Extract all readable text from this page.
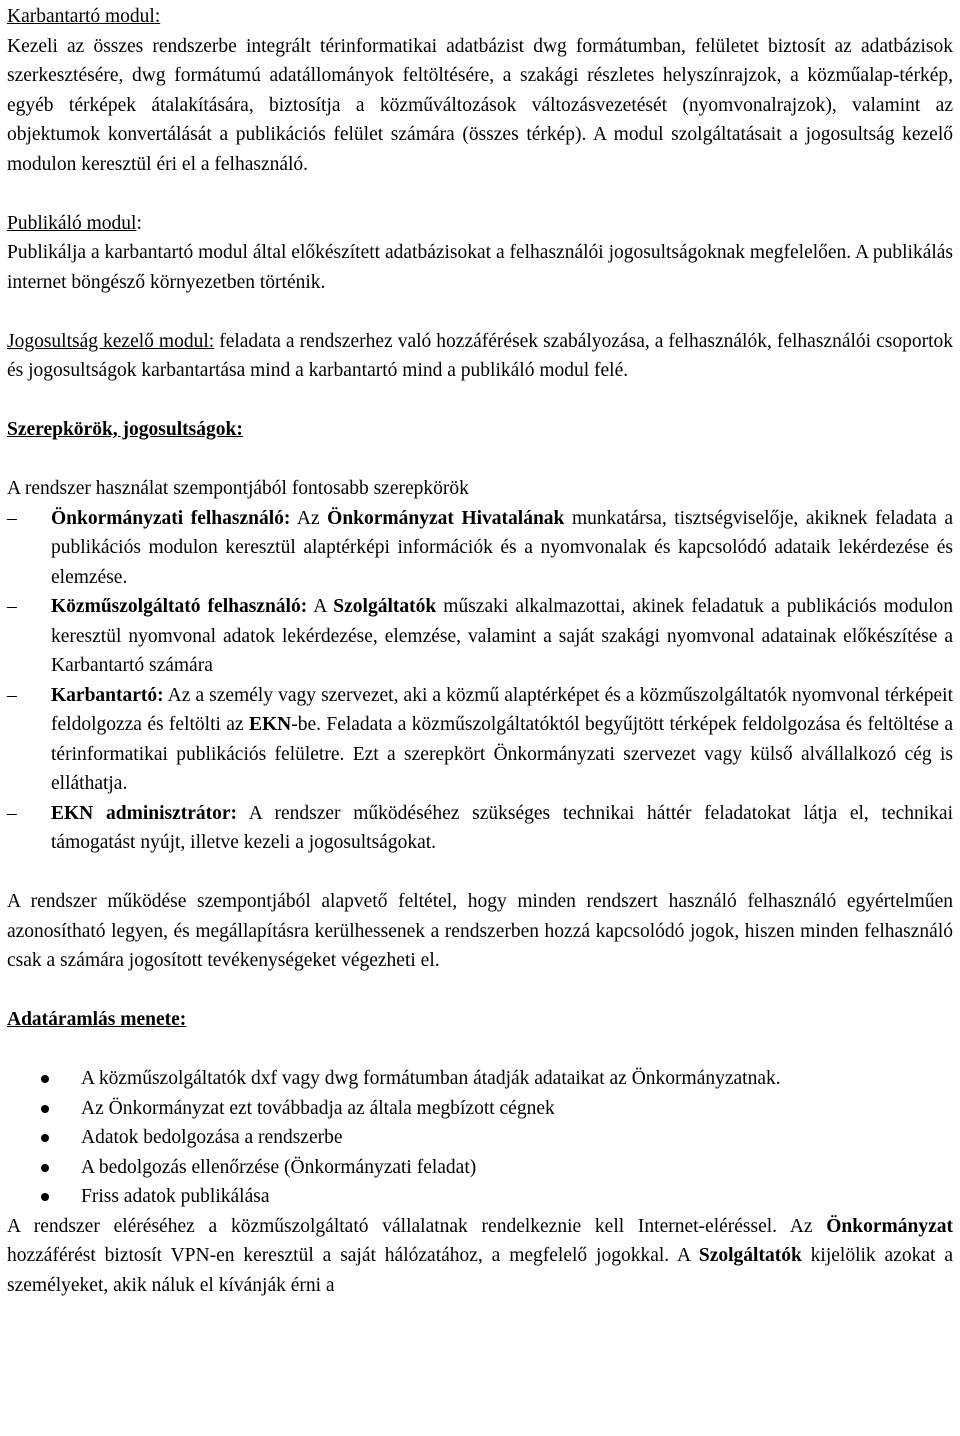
Karbantartó modul:

Kezeli az összes rendszerbe integrált térinformatikai adatbázist dwg formátumban, felületet biztosít az adatbázisok szerkesztésére, dwg formátumú adatállományok feltöltésére, a szakági részletes helyszínrajzok, a közműalap-térkép, egyéb térképek átalakítására, biztosítja a közműváltozások változásvezetését (nyomvonalrajzok), valamint az objektumok konvertálását a publikációs felület számára (összes térkép). A modul szolgáltatásait a jogosultság kezelő modulon keresztül éri el a felhasználó.

Publikáló modul:

Publikálja a karbantartó modul által előkészített adatbázisokat a felhasználói jogosultságoknak megfelelően. A publikálás internet böngésző környezetben történik.

Jogosultság kezelő modul: feladata a rendszerhez való hozzáférések szabályozása, a felhasználók, felhasználói csoportok és jogosultságok karbantartása mind a karbantartó mind a publikáló modul felé.

Szerepkörök, jogosultságok:

A rendszer használat szempontjából fontosabb szerepkörök

–	Önkormányzati felhasználó: Az Önkormányzat Hivatalának munkatársa, tisztségviselője, akiknek feladata a publikációs modulon keresztül alaptérképi információk és a nyomvonalak és kapcsolódó adataik lekérdezése és elemzése.
–	Közműszolgáltató felhasználó: A Szolgáltatók műszaki alkalmazottai, akinek feladatuk a publikációs modulon keresztül nyomvonal adatok lekérdezése, elemzése, valamint a saját szakági nyomvonal adatainak előkészítése a Karbantartó számára
–	Karbantartó: Az a személy vagy szervezet, aki a közmű alaptérképet és a közműszolgáltatók nyomvonal térképeit feldolgozza és feltölti az EKN-be. Feladata a közműszolgáltatóktól begyűjtött térképek feldolgozása és feltöltése a térinformatikai publikációs felületre. Ezt a szerepkört Önkormányzati szervezet vagy külső alvállalkozó cég is elláthatja.
–	EKN adminisztrátor: A rendszer működéséhez szükséges technikai háttér feladatokat látja el, technikai támogatást nyújt, illetve kezeli a jogosultságokat.

A rendszer működése szempontjából alapvető feltétel, hogy minden rendszert használó felhasználó egyértelműen azonosítható legyen, és megállapításra kerülhessenek a rendszerben hozzá kapcsolódó jogok, hiszen minden felhasználó csak a számára jogosított tevékenységeket végezheti el.

Adatáramlás menete:

A közműszolgáltatók dxf vagy dwg formátumban átadják adataikat az Önkormányzatnak.
Az Önkormányzat ezt továbbadja az általa megbízott cégnek
Adatok bedolgozása a rendszerbe
A bedolgozás ellenőrzése (Önkormányzati feladat)
Friss adatok publikálása

A rendszer eléréséhez a közműszolgáltató vállalatnak rendelkeznie kell Internet-eléréssel. Az Önkormányzat hozzáférést biztosít VPN-en keresztül a saját hálózatához, a megfelelő jogokkal. A Szolgáltatók kijelölik azokat a személyeket, akik náluk el kívánják érni a
